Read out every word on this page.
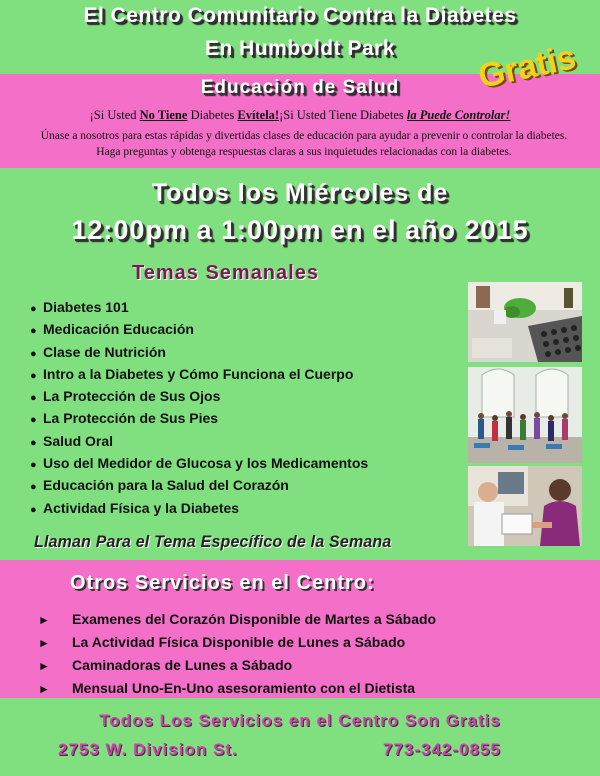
El Centro Comunitario Contra la Diabetes
En Humboldt Park
Educación de Salud	Gratis
¡Si Usted No Tiene Diabetes Evítela!¡Si Usted Tiene Diabetes la Puede Controlar!
Únase a nosotros para estas rápidas y divertidas clases de educación para ayudar a prevenir o controlar la diabetes. Haga preguntas y obtenga respuestas claras a sus inquietudes relacionadas con la diabetes.
Todos los Miércoles de
12:00pm a 1:00pm en el año 2015
Temas Semanales
● Diabetes 101
● Medicación Educación
● Clase de Nutrición
● Intro a la Diabetes y Cómo Funciona el Cuerpo
● La Protección de Sus Ojos
● La Protección de Sus Pies
● Salud Oral
● Uso del Medidor de Glucosa y los Medicamentos
● Educación para la Salud del Corazón
● Actividad Física y la Diabetes
Llaman Para el Tema Específico de la Semana
Otros Servicios en el Centro:
► Examenes del Corazón Disponible de Martes a Sábado
► La Actividad Física Disponible de Lunes a Sábado
► Caminadoras de Lunes a Sábado
► Mensual Uno-En-Uno asesoramiento con el Dietista
Todos Los Servicios en el Centro Son Gratis
2753 W. Division St.	773-342-0855
